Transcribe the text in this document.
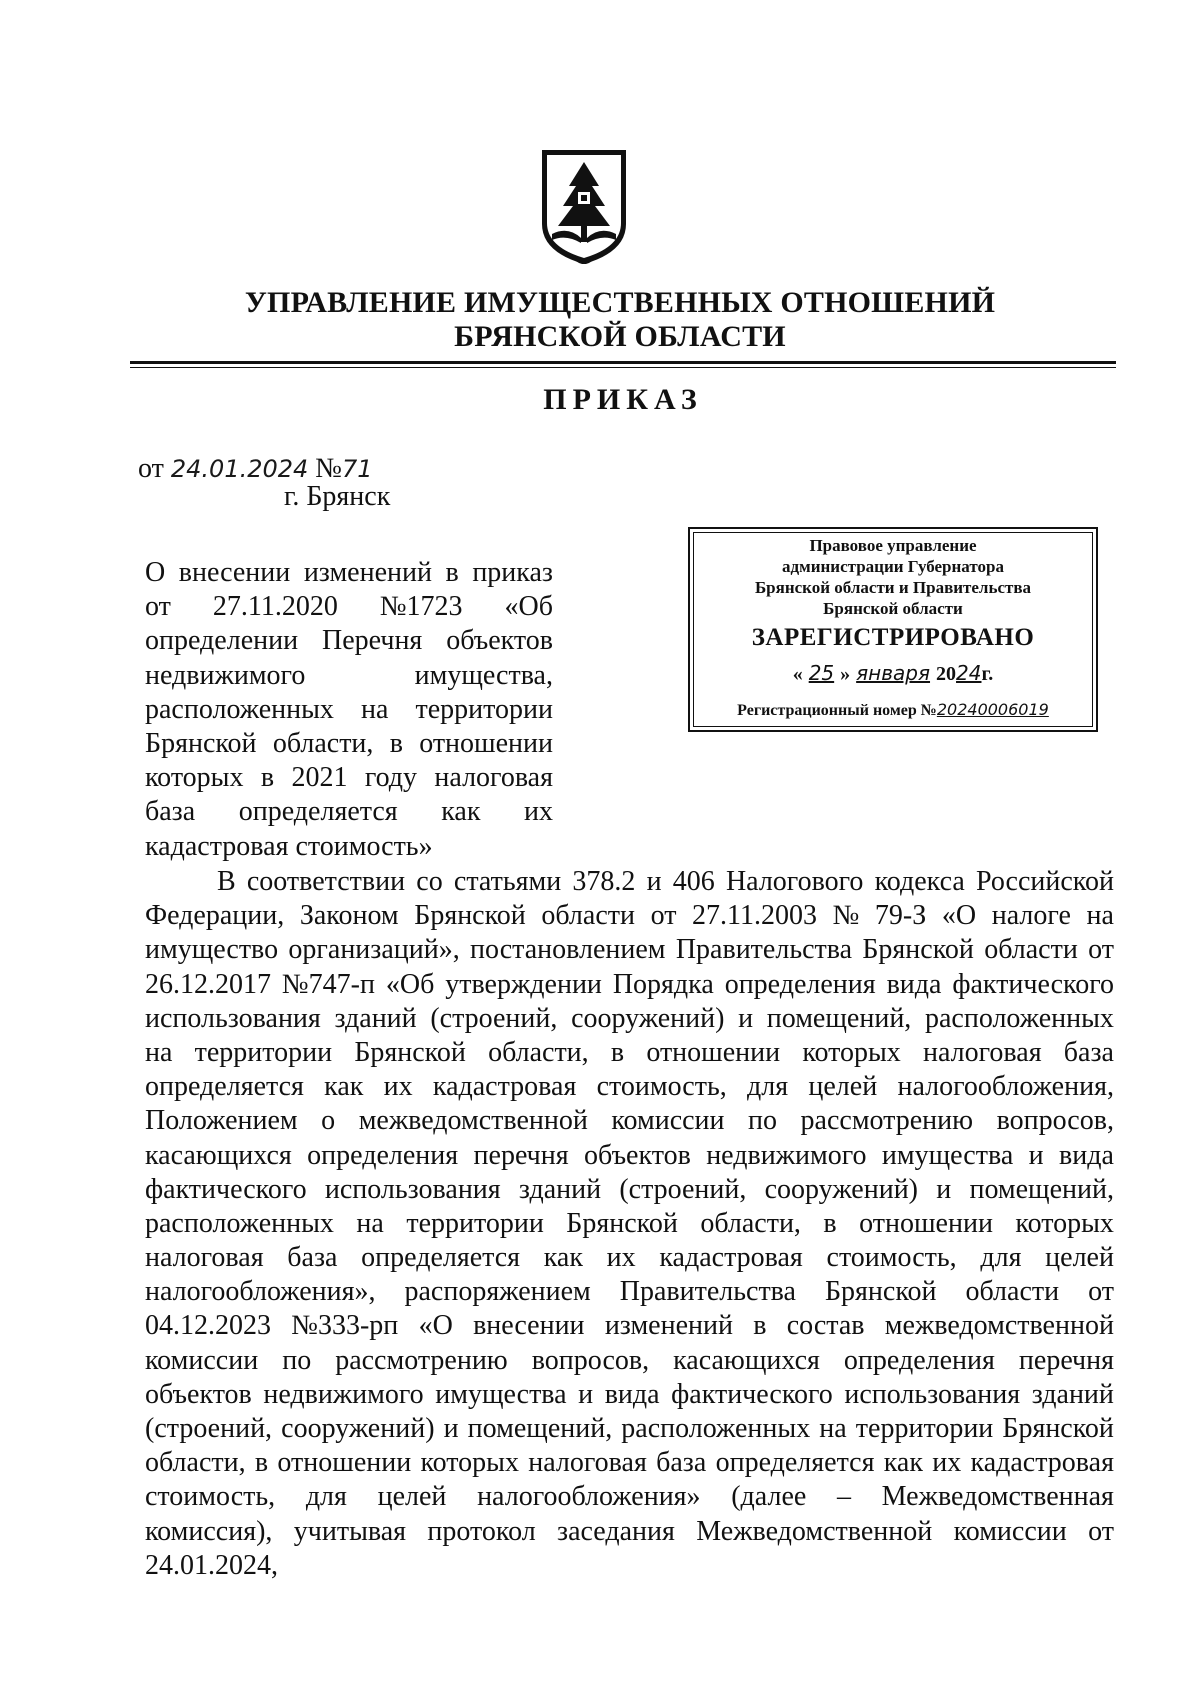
УПРАВЛЕНИЕ ИМУЩЕСТВЕННЫХ ОТНОШЕНИЙ
БРЯНСКОЙ ОБЛАСТИ
ПРИКАЗ
от 24.01.2024 №71
г. Брянск
О внесении изменений в приказ
от 27.11.2020 №1723 «Об
определении Перечня объектов
недвижимого	имущества,
расположенных на территории
Брянской области, в отношении
которых в 2021 году налоговая
база определяется как их
кадастровая стоимость»
Правовое управление
администрации Губернатора
Брянской области и Правительства
Брянской области
ЗАРЕГИСТРИРОВАНО
« 25 » января 2024г.
Регистрационный номер №20240006019
В соответствии со статьями 378.2 и 406 Налогового кодекса Российской
Федерации, Законом Брянской области от 27.11.2003 № 79-З «О налоге на
имущество организаций», постановлением Правительства Брянской области от
26.12.2017 №747-п «Об утверждении Порядка определения вида фактического
использования зданий (строений, сооружений) и помещений, расположенных
на территории Брянской области, в отношении которых налоговая база
определяется как их кадастровая стоимость, для целей налогообложения,
Положением о межведомственной комиссии по рассмотрению вопросов,
касающихся определения перечня объектов недвижимого имущества и вида
фактического использования зданий (строений, сооружений) и помещений,
расположенных на территории Брянской области, в отношении которых
налоговая база определяется как их кадастровая стоимость, для целей
налогообложения», распоряжением Правительства Брянской области от
04.12.2023 №333-рп «О внесении изменений в состав межведомственной
комиссии по рассмотрению вопросов, касающихся определения перечня
объектов недвижимого имущества и вида фактического использования зданий
(строений, сооружений) и помещений, расположенных на территории Брянской
области, в отношении которых налоговая база определяется как их кадастровая
стоимость, для целей налогообложения» (далее – Межведомственная
комиссия), учитывая протокол заседания Межведомственной комиссии от
24.01.2024,
